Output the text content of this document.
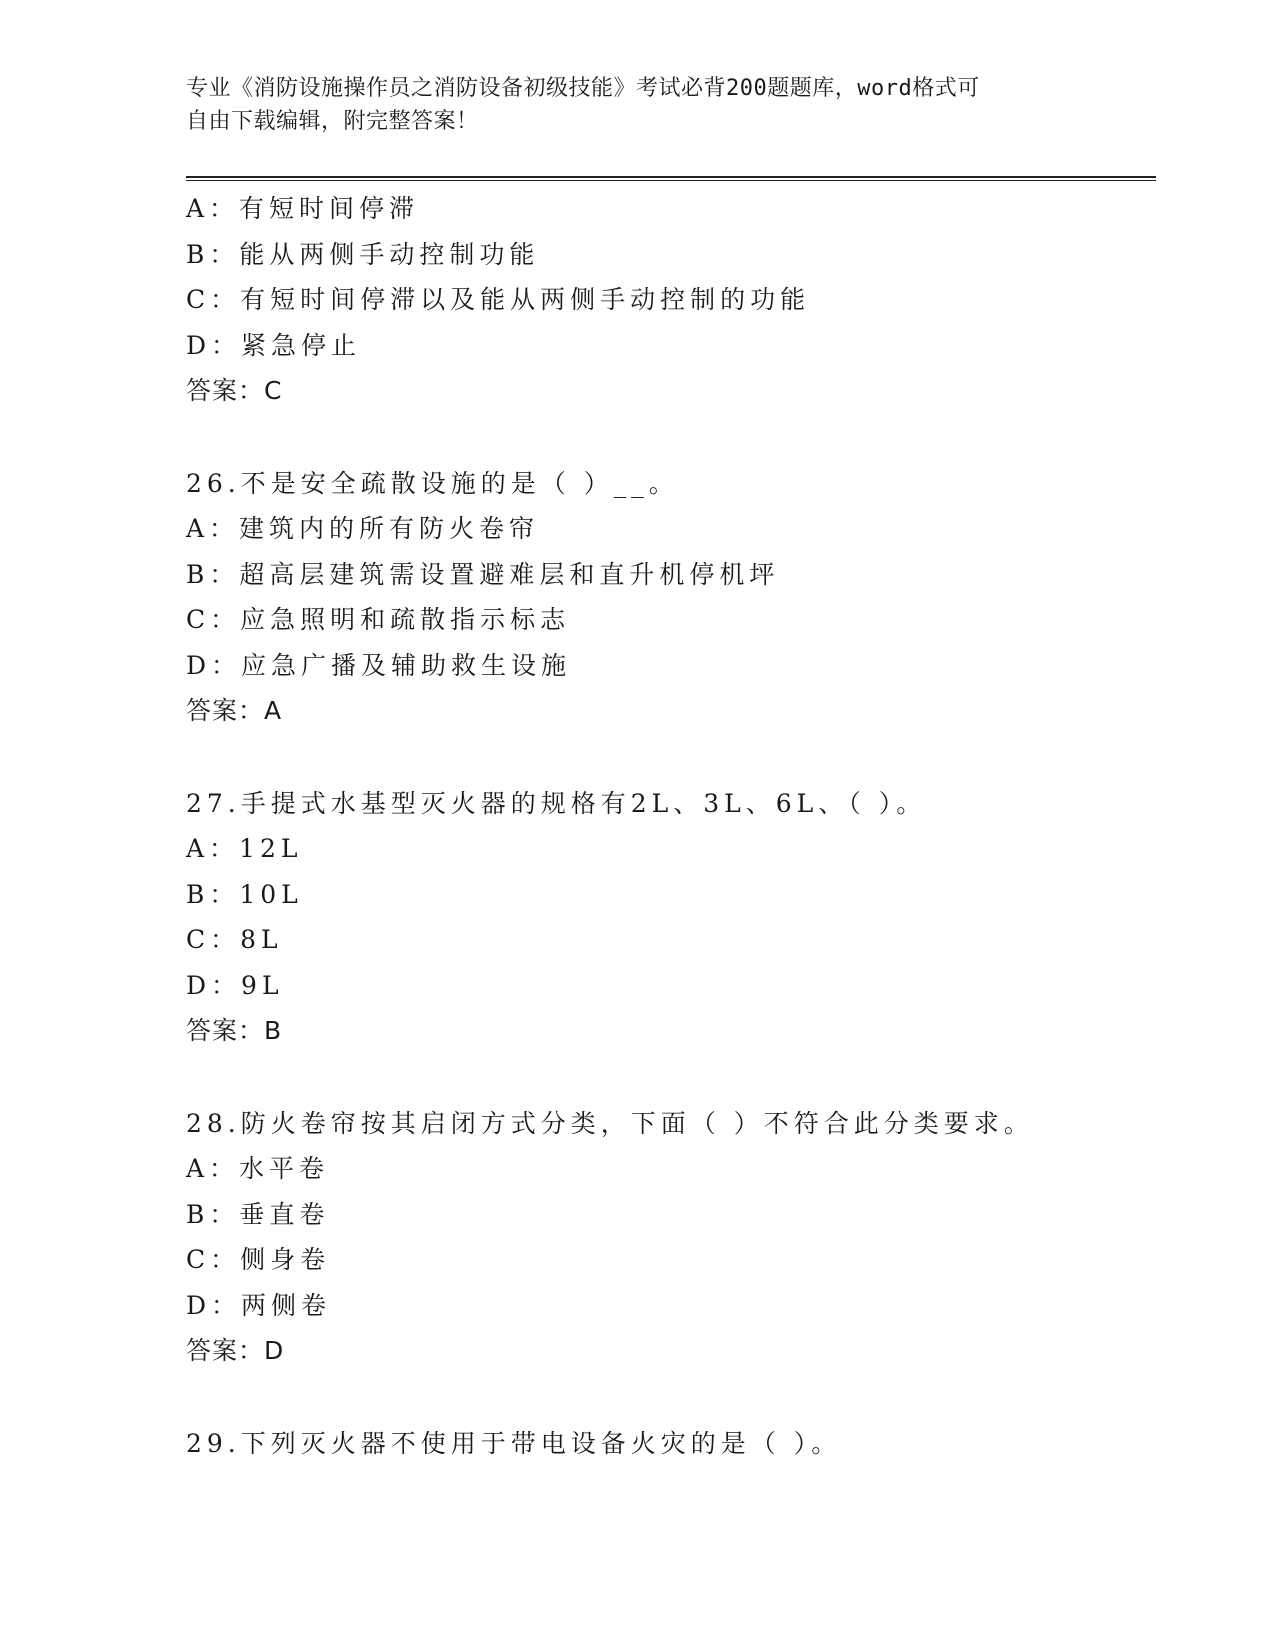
专业《消防设施操作员之消防设备初级技能》考试必背200题题库，word格式可
自由下载编辑，附完整答案！
A：有短时间停滞
B：能从两侧手动控制功能
C：有短时间停滞以及能从两侧手动控制的功能
D：紧急停止
答案：C
26.不是安全疏散设施的是（ ）__。
A：建筑内的所有防火卷帘
B：超高层建筑需设置避难层和直升机停机坪
C：应急照明和疏散指示标志
D：应急广播及辅助救生设施
答案：A
27.手提式水基型灭火器的规格有2L、3L、6L、（ ）。
A：12L
B：10L
C：8L
D：9L
答案：B
28.防火卷帘按其启闭方式分类，下面（ ）不符合此分类要求。
A：水平卷
B：垂直卷
C：侧身卷
D：两侧卷
答案：D
29.下列灭火器不使用于带电设备火灾的是（ ）。
